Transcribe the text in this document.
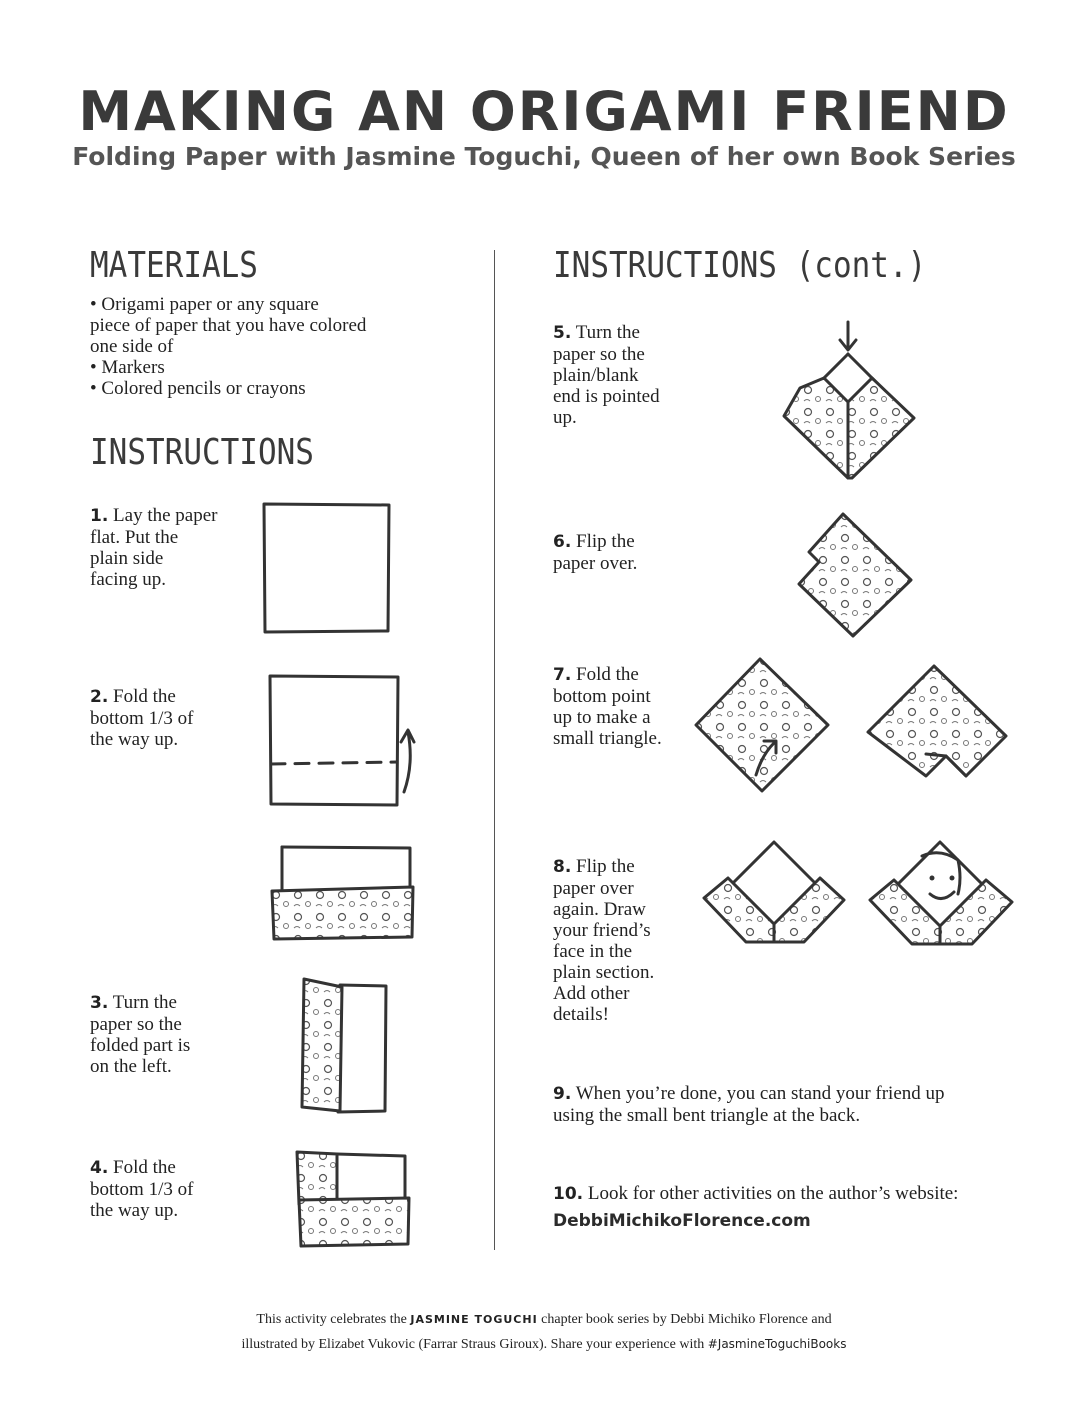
MAKING AN ORIGAMI FRIEND
Folding Paper with Jasmine Toguchi, Queen of her own Book Series
MATERIALS
• Origami paper or any square
piece of paper that you have colored
one side of
• Markers
• Colored pencils or crayons
INSTRUCTIONS
1. Lay the paper
flat. Put the
plain side
facing up.
2. Fold the
bottom 1/3 of
the way up.
3. Turn the
paper so the
folded part is
on the left.
4. Fold the
bottom 1/3 of
the way up.
INSTRUCTIONS (cont.)
5. Turn the
paper so the
plain/blank
end is pointed
up.
6. Flip the
paper over.
7. Fold the
bottom point
up to make a
small triangle.
8. Flip the
paper over
again. Draw
your friend’s
face in the
plain section.
Add other
details!
9. When you’re done, you can stand your friend up
using the small bent triangle at the back.
10. Look for other activities on the author’s website:
DebbiMichikoFlorence.com
This activity celebrates the JASMINE TOGUCHI chapter book series by Debbi Michiko Florence and
illustrated by Elizabet Vukovic (Farrar Straus Giroux). Share your experience with #JasmineToguchiBooks
